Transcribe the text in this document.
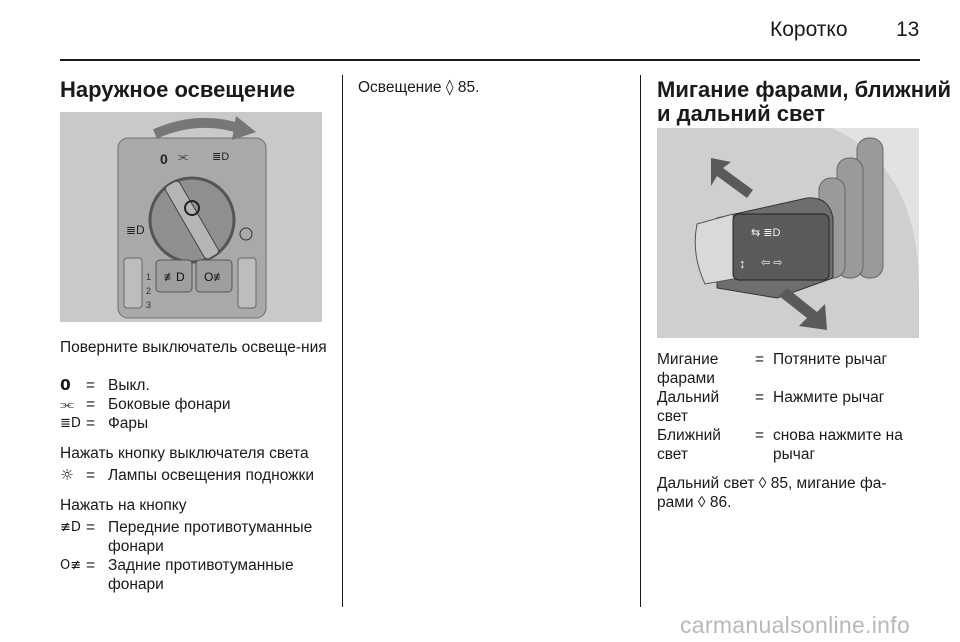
Коротко 13
Наружное освещение
0 ⫘ ≣D
≣D
≢D O≢
1
2
3
Поверните выключатель освеще-ния
0 = Выкл.
⫘ = Боковые фонари
≣D = Фары
Нажать кнопку выключателя света
☼ = Лампы освещения подножки
Нажать на кнопку
≢D = Передние противотуманные фонари
O≢ = Задние противотуманные фонари
Освещение ◊ 85.	Мигание фарами, ближний
и дальний свет
⇆ ≣D
⇦ ⇨
↕
Мигание фарами
= Потяните рычаг
Дальний свет
= Нажмите рычаг
Ближний свет
= снова нажмите на рычаг
Дальний свет ◊ 85, мигание фа-
рами ◊ 86.
carmanualsonline.info
